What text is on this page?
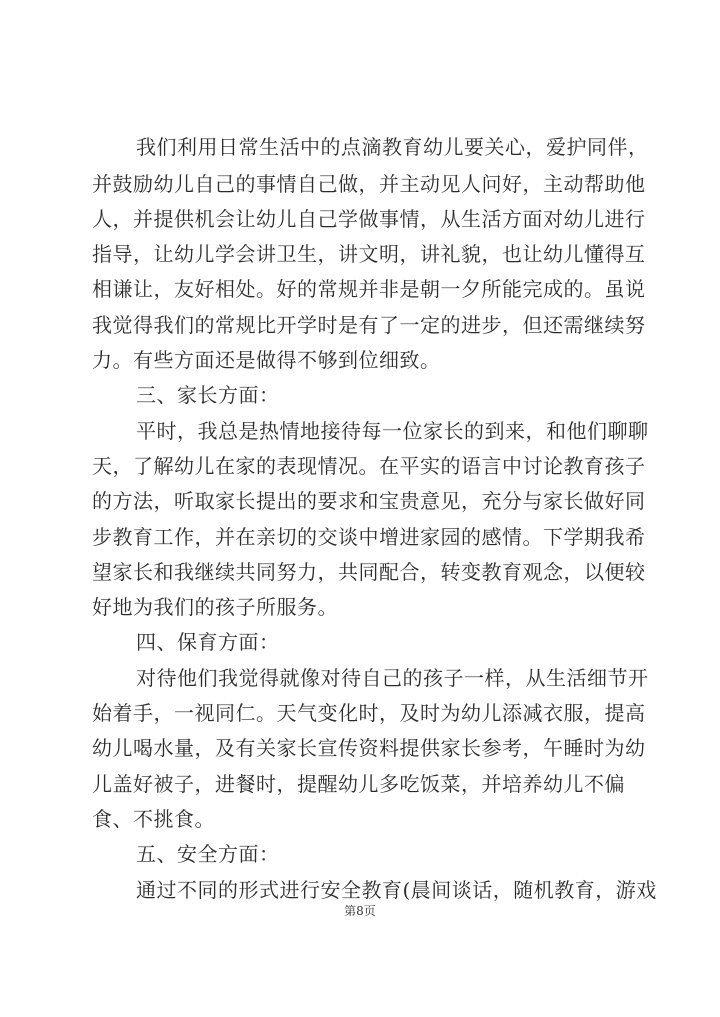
我们利用日常生活中的点滴教育幼儿要关心，爱护同伴，
并鼓励幼儿自己的事情自己做，并主动见人问好，主动帮助他
人，并提供机会让幼儿自己学做事情，从生活方面对幼儿进行
指导，让幼儿学会讲卫生，讲文明，讲礼貌，也让幼儿懂得互
相谦让，友好相处。好的常规并非是朝一夕所能完成的。虽说
我觉得我们的常规比开学时是有了一定的进步，但还需继续努
力。有些方面还是做得不够到位细致。
三、家长方面：
平时，我总是热情地接待每一位家长的到来，和他们聊聊
天，了解幼儿在家的表现情况。在平实的语言中讨论教育孩子
的方法，听取家长提出的要求和宝贵意见，充分与家长做好同
步教育工作，并在亲切的交谈中增进家园的感情。下学期我希
望家长和我继续共同努力，共同配合，转变教育观念，以便较
好地为我们的孩子所服务。
四、保育方面：
对待他们我觉得就像对待自己的孩子一样，从生活细节开
始着手，一视同仁。天气变化时，及时为幼儿添减衣服，提高
幼儿喝水量，及有关家长宣传资料提供家长参考，午睡时为幼
儿盖好被子，进餐时，提醒幼儿多吃饭菜，并培养幼儿不偏
食、不挑食。
五、安全方面：
通过不同的形式进行安全教育(晨间谈话，随机教育，游戏
第8页
